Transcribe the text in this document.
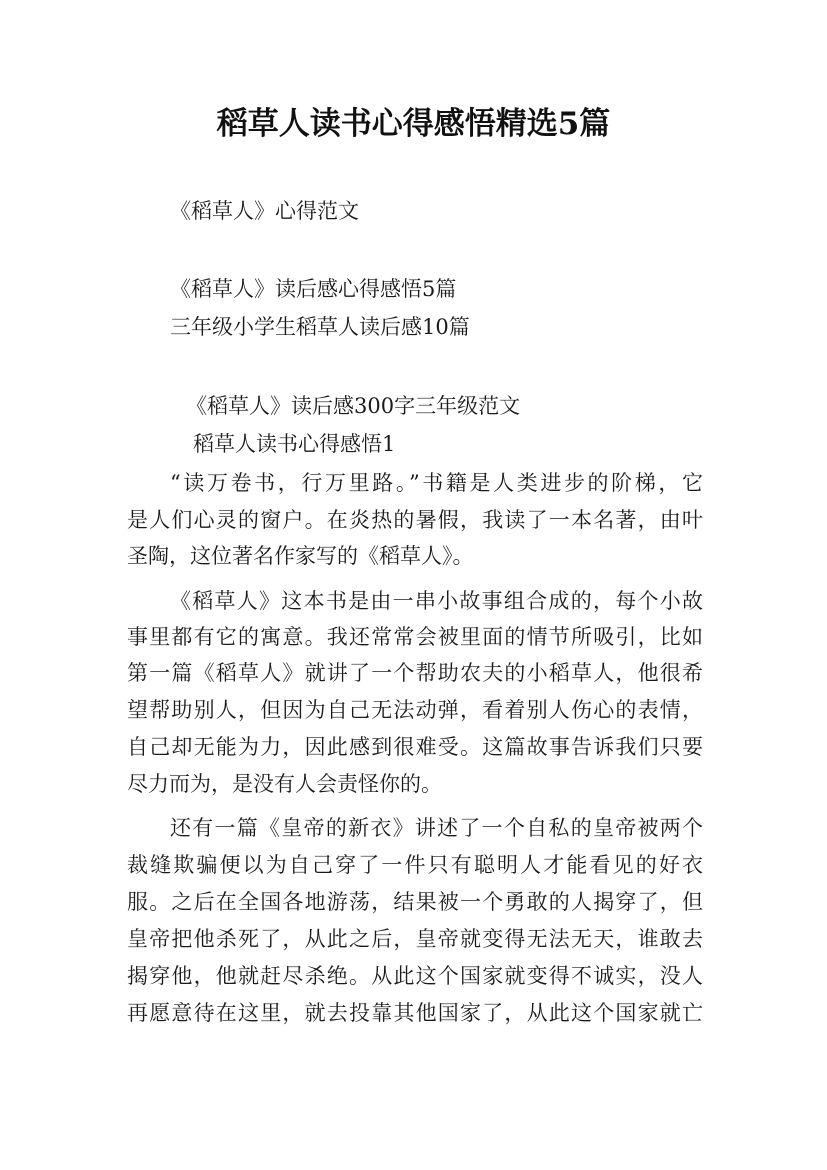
稻草人读书心得感悟精选5篇
《稻草人》心得范文
《稻草人》读后感心得感悟5篇
三年级小学生稻草人读后感10篇
《稻草人》读后感300字三年级范文
稻草人读书心得感悟1
“读万卷书，行万里路。”书籍是人类进步的阶梯，它
是人们心灵的窗户。在炎热的暑假，我读了一本名著，由叶
圣陶，这位著名作家写的《稻草人》。
《稻草人》这本书是由一串小故事组合成的，每个小故
事里都有它的寓意。我还常常会被里面的情节所吸引，比如
第一篇《稻草人》就讲了一个帮助农夫的小稻草人，他很希
望帮助别人，但因为自己无法动弹，看着别人伤心的表情，
自己却无能为力，因此感到很难受。这篇故事告诉我们只要
尽力而为，是没有人会责怪你的。
还有一篇《皇帝的新衣》讲述了一个自私的皇帝被两个
裁缝欺骗便以为自己穿了一件只有聪明人才能看见的好衣
服。之后在全国各地游荡，结果被一个勇敢的人揭穿了，但
皇帝把他杀死了，从此之后，皇帝就变得无法无天，谁敢去
揭穿他，他就赶尽杀绝。从此这个国家就变得不诚实，没人
再愿意待在这里，就去投靠其他国家了，从此这个国家就亡
